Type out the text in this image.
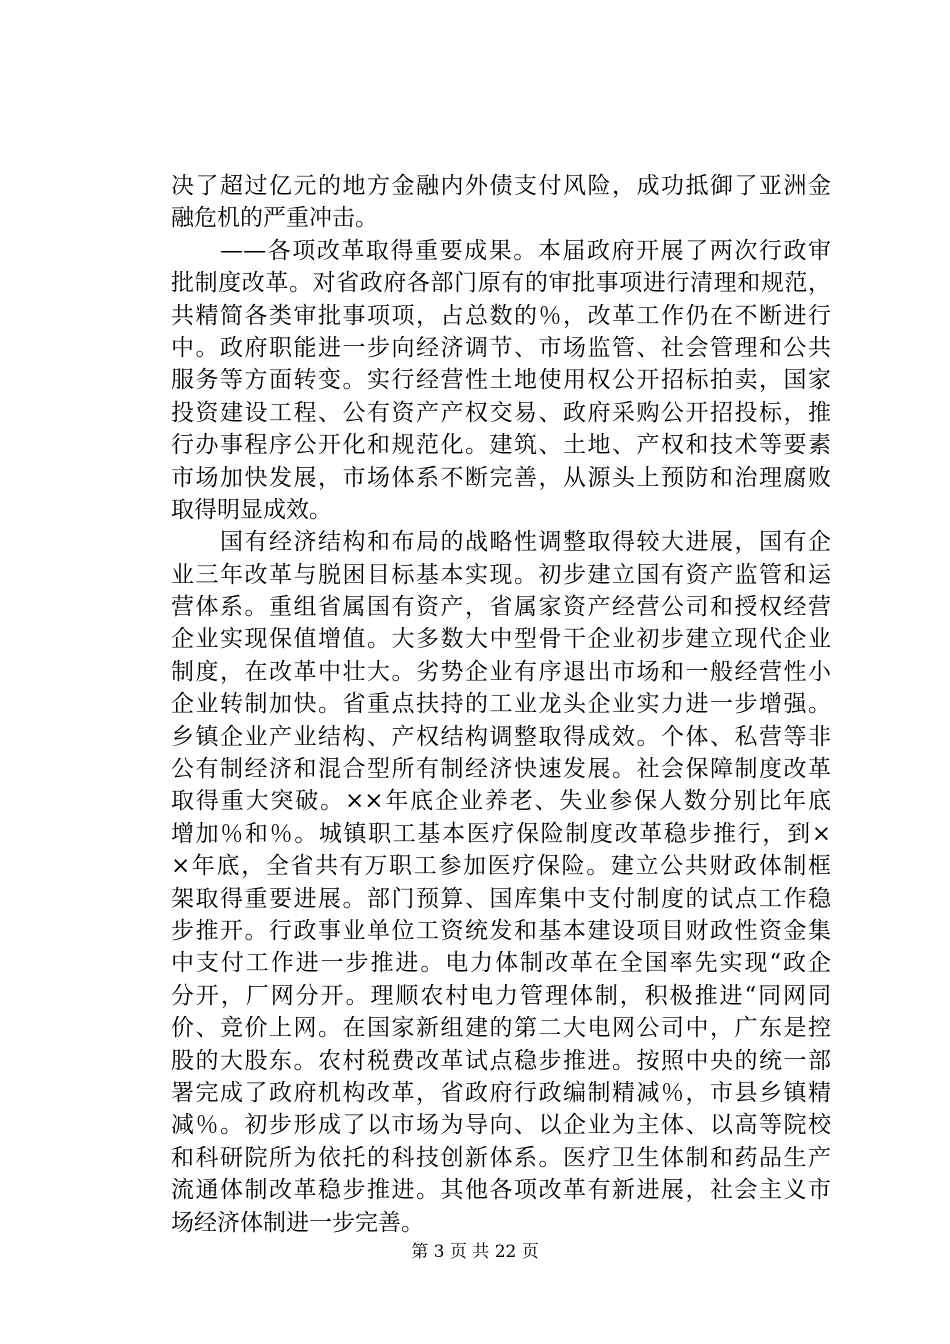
决了超过亿元的地方金融内外债支付风险，成功抵御了亚洲金
融危机的严重冲击。
　　——各项改革取得重要成果。本届政府开展了两次行政审
批制度改革。对省政府各部门原有的审批事项进行清理和规范，
共精简各类审批事项项，占总数的％，改革工作仍在不断进行
中。政府职能进一步向经济调节、市场监管、社会管理和公共
服务等方面转变。实行经营性土地使用权公开招标拍卖，国家
投资建设工程、公有资产产权交易、政府采购公开招投标，推
行办事程序公开化和规范化。建筑、土地、产权和技术等要素
市场加快发展，市场体系不断完善，从源头上预防和治理腐败
取得明显成效。
　　国有经济结构和布局的战略性调整取得较大进展，国有企
业三年改革与脱困目标基本实现。初步建立国有资产监管和运
营体系。重组省属国有资产，省属家资产经营公司和授权经营
企业实现保值增值。大多数大中型骨干企业初步建立现代企业
制度，在改革中壮大。劣势企业有序退出市场和一般经营性小
企业转制加快。省重点扶持的工业龙头企业实力进一步增强。
乡镇企业产业结构、产权结构调整取得成效。个体、私营等非
公有制经济和混合型所有制经济快速发展。社会保障制度改革
取得重大突破。××年底企业养老、失业参保人数分别比年底
增加％和％。城镇职工基本医疗保险制度改革稳步推行，到×
×年底，全省共有万职工参加医疗保险。建立公共财政体制框
架取得重要进展。部门预算、国库集中支付制度的试点工作稳
步推开。行政事业单位工资统发和基本建设项目财政性资金集
中支付工作进一步推进。电力体制改革在全国率先实现“政企
分开，厂网分开。理顺农村电力管理体制，积极推进“同网同
价、竞价上网。在国家新组建的第二大电网公司中，广东是控
股的大股东。农村税费改革试点稳步推进。按照中央的统一部
署完成了政府机构改革，省政府行政编制精减％，市县乡镇精
减％。初步形成了以市场为导向、以企业为主体、以高等院校
和科研院所为依托的科技创新体系。医疗卫生体制和药品生产
流通体制改革稳步推进。其他各项改革有新进展，社会主义市
场经济体制进一步完善。
第 3 页 共 22 页
